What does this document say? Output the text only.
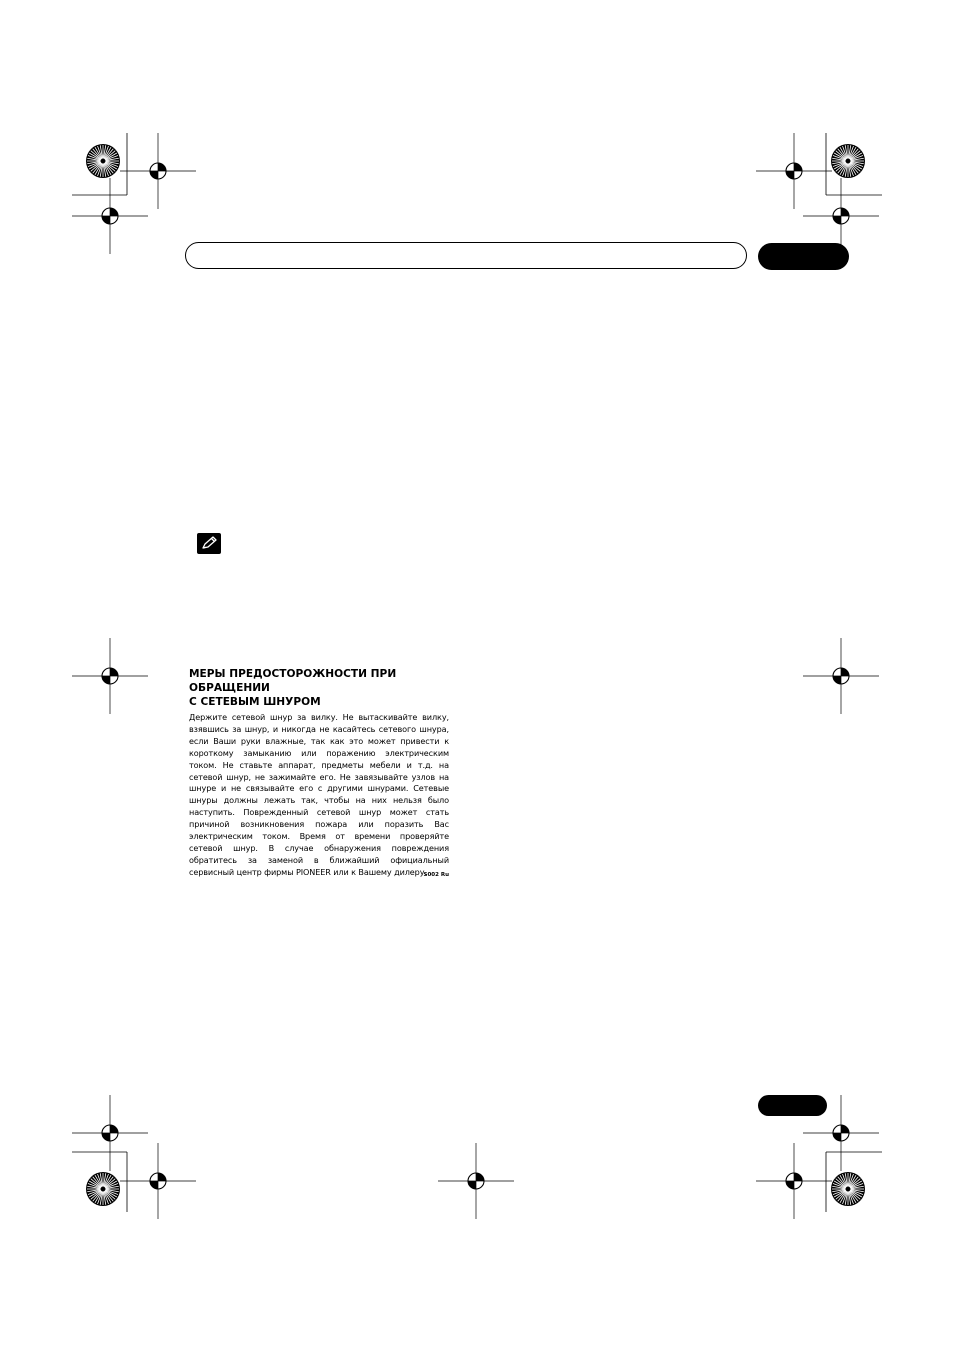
МЕРЫ ПРЕДОСТОРОЖНОСТИ ПРИ ОБРАЩЕНИИ
С СЕТЕВЫМ ШНУРОМ

Держите сетевой шнур за вилку. Не вытаскивайте вилку, взявшись за шнур, и никогда не касайтесь сетевого шнура, если Ваши руки влажные, так как это может привести к короткому замыканию или поражению электрическим током. Не ставьте аппарат, предметы мебели и т.д. на сетевой шнур, не зажимайте его. Не завязывайте узлов на шнуре и не связывайте его с другими шнурами. Сетевые шнуры должны лежать так, чтобы на них нельзя было наступить. Поврежденный сетевой шнур может стать причиной возникновения пожара или поразить Вас электрическим током. Время от времени проверяйте сетевой шнур. В случае обнаружения повреждения обратитесь за заменой в ближайший официальный сервисный центр фирмы PIONEER или к Вашему дилеру.

S002 Ru
